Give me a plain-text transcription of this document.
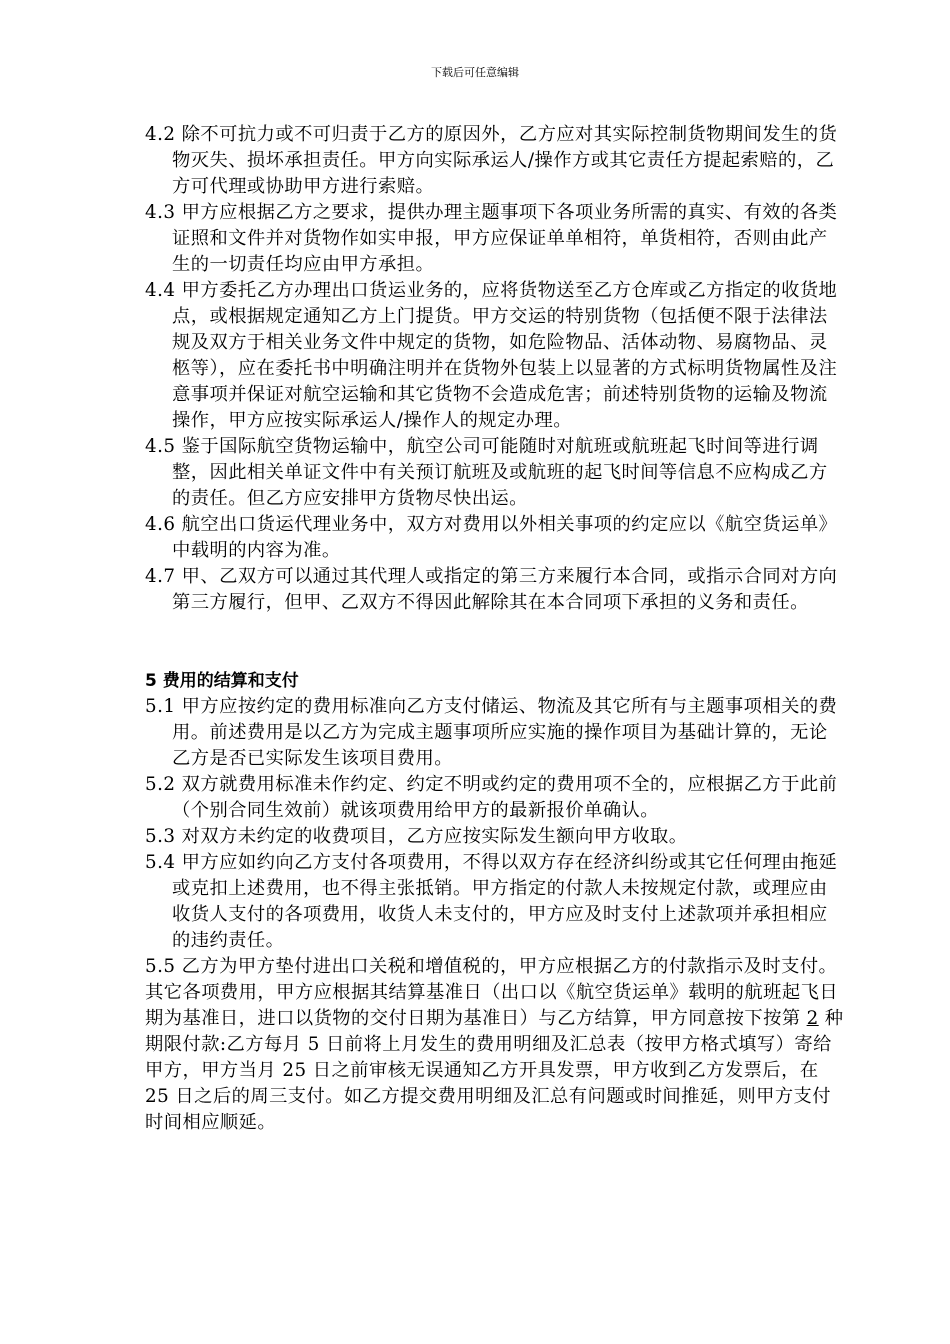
下载后可任意编辑

4.2 除不可抗力或不可归责于乙方的原因外，乙方应对其实际控制货物期间发生的货物灭失、损坏承担责任。甲方向实际承运人/操作方或其它责任方提起索赔的，乙方可代理或协助甲方进行索赔。

4.3 甲方应根据乙方之要求，提供办理主题事项下各项业务所需的真实、有效的各类证照和文件并对货物作如实申报，甲方应保证单单相符，单货相符，否则由此产生的一切责任均应由甲方承担。

4.4 甲方委托乙方办理出口货运业务的，应将货物送至乙方仓库或乙方指定的收货地点，或根据规定通知乙方上门提货。甲方交运的特别货物（包括便不限于法律法规及双方于相关业务文件中规定的货物，如危险物品、活体动物、易腐物品、灵柩等），应在委托书中明确注明并在货物外包装上以显著的方式标明货物属性及注意事项并保证对航空运输和其它货物不会造成危害；前述特别货物的运输及物流操作，甲方应按实际承运人/操作人的规定办理。

4.5 鉴于国际航空货物运输中，航空公司可能随时对航班或航班起飞时间等进行调整，因此相关单证文件中有关预订航班及或航班的起飞时间等信息不应构成乙方的责任。但乙方应安排甲方货物尽快出运。

4.6 航空出口货运代理业务中，双方对费用以外相关事项的约定应以《航空货运单》中载明的内容为准。

4.7 甲、乙双方可以通过其代理人或指定的第三方来履行本合同，或指示合同对方向第三方履行，但甲、乙双方不得因此解除其在本合同项下承担的义务和责任。

5 费用的结算和支付

5.1 甲方应按约定的费用标准向乙方支付储运、物流及其它所有与主题事项相关的费用。前述费用是以乙方为完成主题事项所应实施的操作项目为基础计算的，无论乙方是否已实际发生该项目费用。

5.2 双方就费用标准未作约定、约定不明或约定的费用项不全的，应根据乙方于此前（个别合同生效前）就该项费用给甲方的最新报价单确认。

5.3 对双方未约定的收费项目，乙方应按实际发生额向甲方收取。

5.4 甲方应如约向乙方支付各项费用，不得以双方存在经济纠纷或其它任何理由拖延或克扣上述费用，也不得主张抵销。甲方指定的付款人未按规定付款，或理应由收货人支付的各项费用，收货人未支付的，甲方应及时支付上述款项并承担相应的违约责任。

5.5 乙方为甲方垫付进出口关税和增值税的，甲方应根据乙方的付款指示及时支付。其它各项费用，甲方应根据其结算基准日（出口以《航空货运单》载明的航班起飞日期为基准日，进口以货物的交付日期为基准日）与乙方结算，甲方同意按下按第 2 种期限付款:乙方每月 5 日前将上月发生的费用明细及汇总表（按甲方格式填写）寄给甲方，甲方当月 25 日之前审核无误通知乙方开具发票，甲方收到乙方发票后，在 25 日之后的周三支付。如乙方提交费用明细及汇总有问题或时间推延，则甲方支付时间相应顺延。
